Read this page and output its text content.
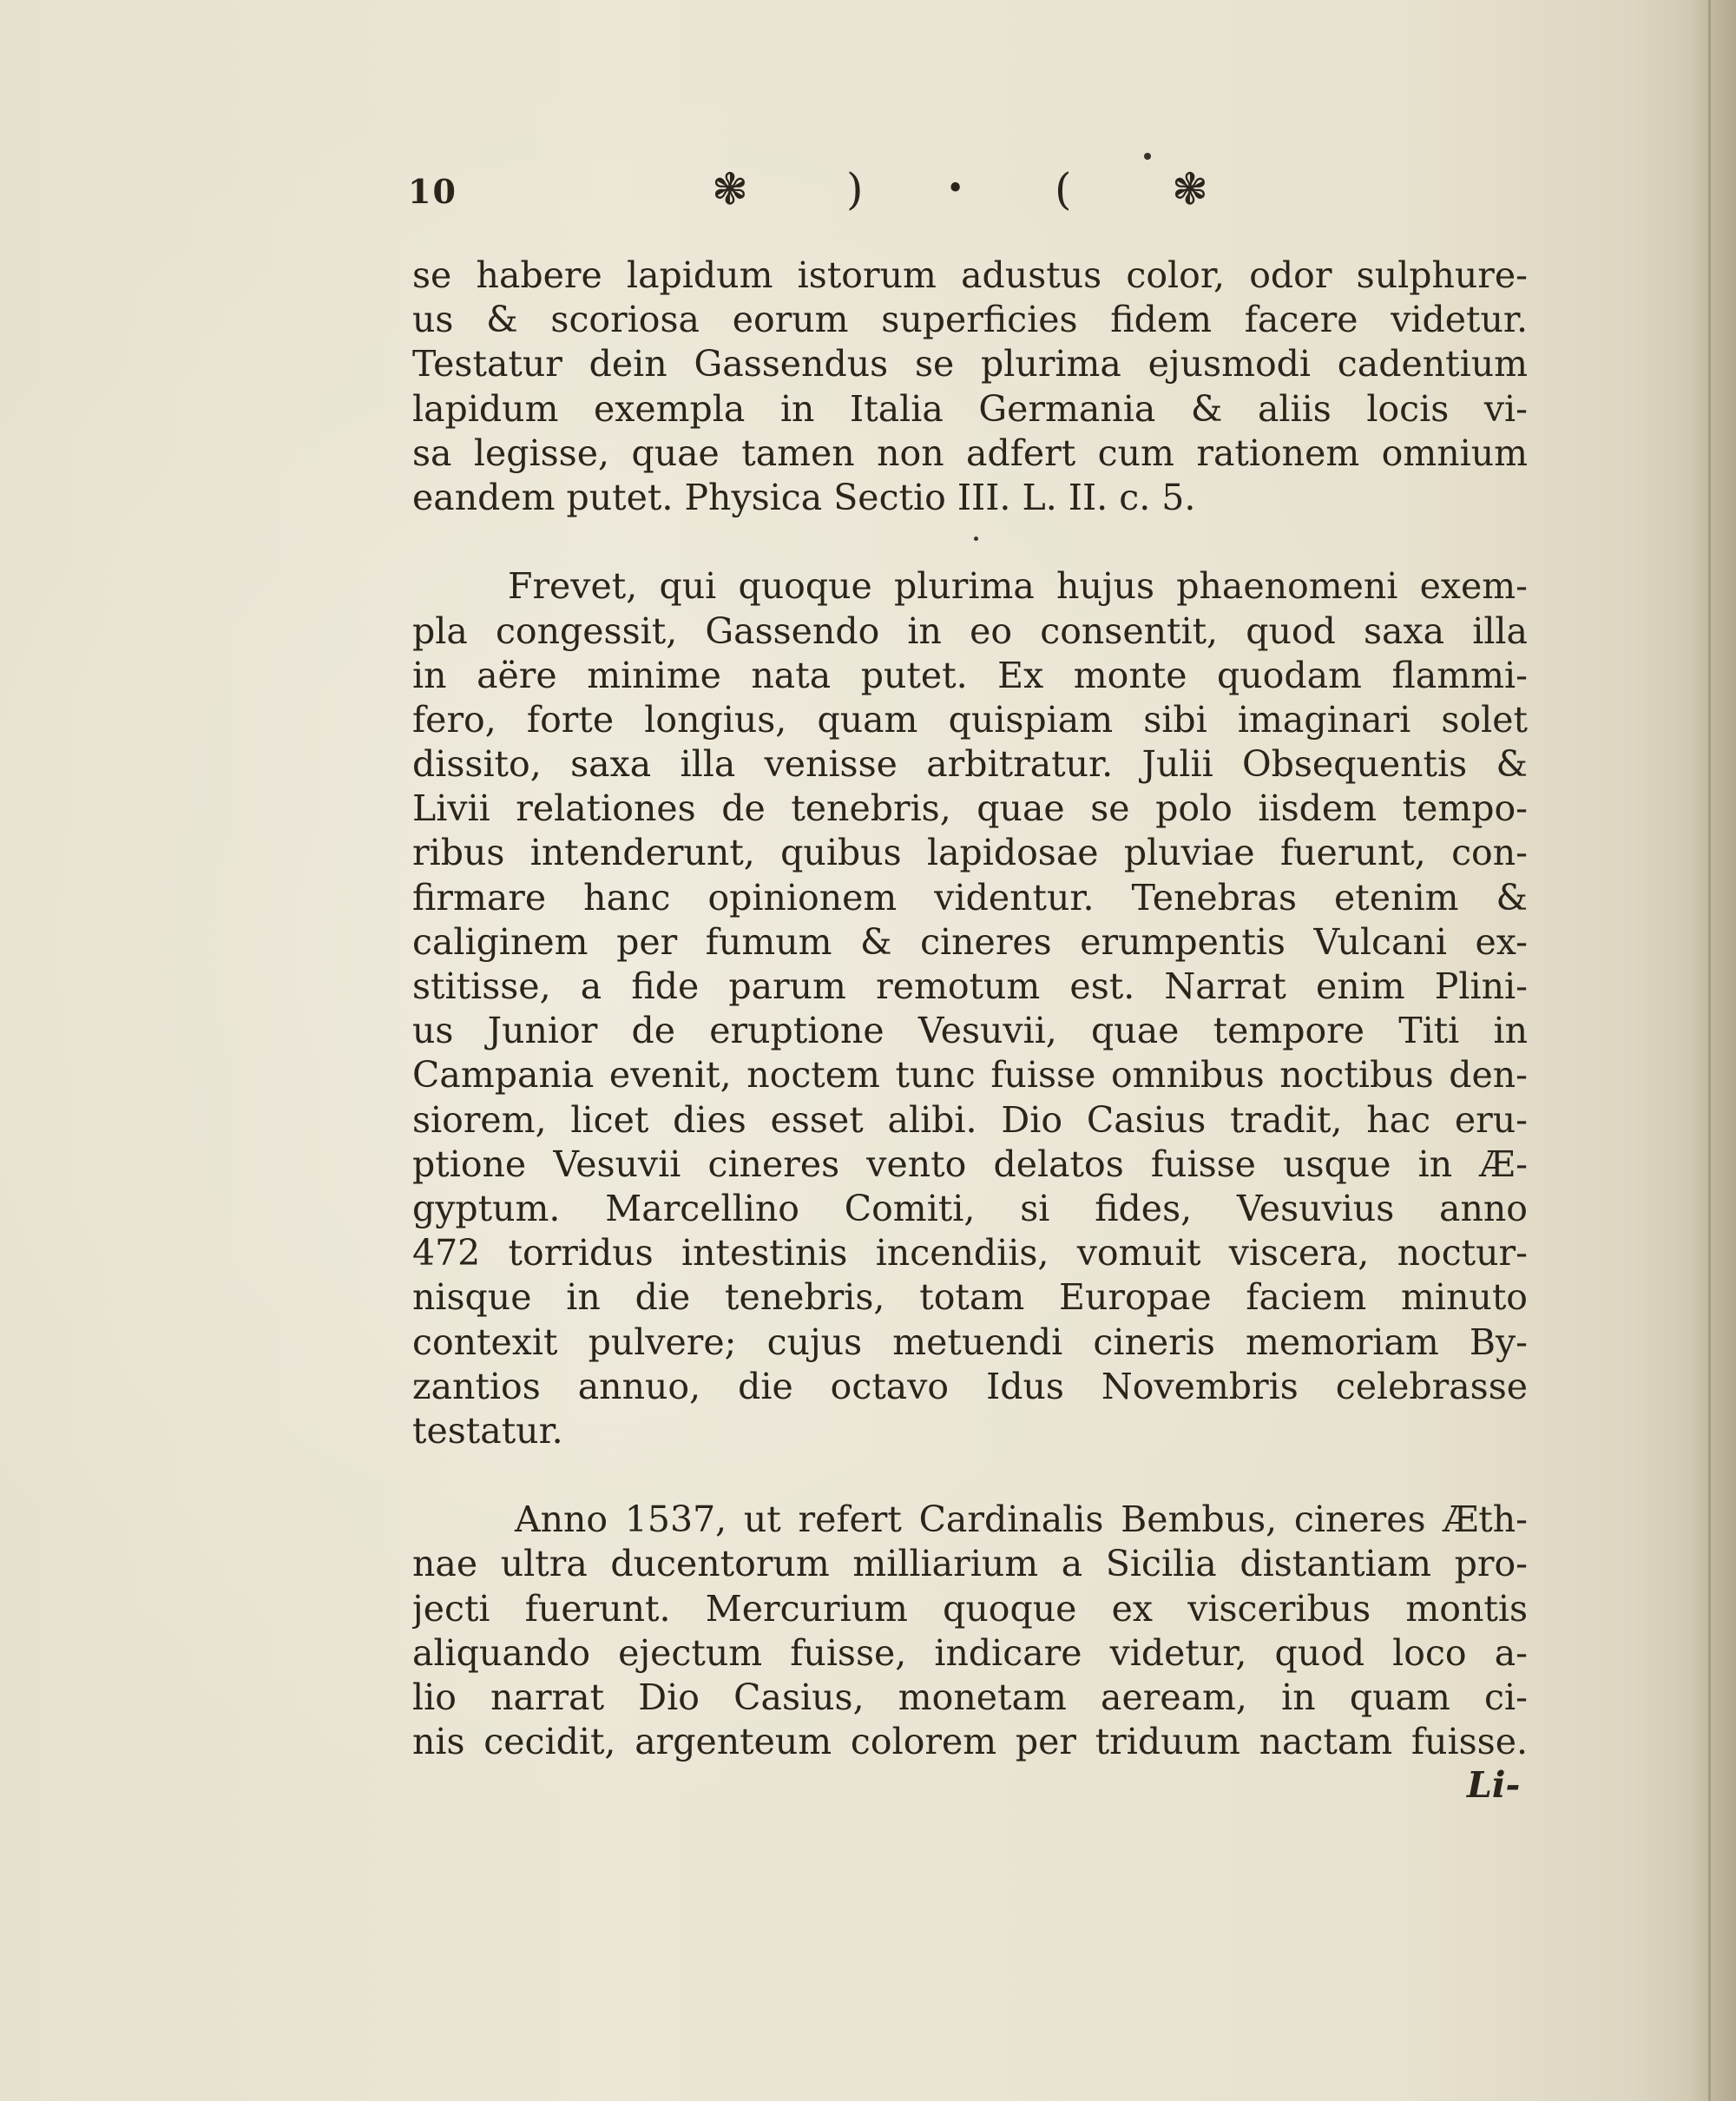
10	❃ )	• ( ❃
se habere lapidum istorum adustus color, odor sulphure-
us & scoriosa eorum superficies fidem facere videtur.
Testatur dein Gassendus se plurima ejusmodi cadentium
lapidum exempla in Italia Germania & aliis locis vi-
sa legisse, quae tamen non adfert cum rationem omnium
eandem putet. Physica Sectio III. L. II. c. 5.
Frevet, qui quoque plurima hujus phaenomeni exem-
pla congessit, Gassendo in eo consentit, quod saxa illa
in aëre minime nata putet. Ex monte quodam flammi-
fero, forte longius, quam quispiam sibi imaginari solet
dissito, saxa illa venisse arbitratur. Julii Obsequentis &
Livii relationes de tenebris, quae se polo iisdem tempo-
ribus intenderunt, quibus lapidosae pluviae fuerunt, con-
firmare hanc opinionem videntur. Tenebras etenim &
caliginem per fumum & cineres erumpentis Vulcani ex-
stitisse, a fide parum remotum est. Narrat enim Plini-
us Junior de eruptione Vesuvii, quae tempore Titi in
Campania evenit, noctem tunc fuisse omnibus noctibus den-
siorem, licet dies esset alibi. Dio Casius tradit, hac eru-
ptione Vesuvii cineres vento delatos fuisse usque in Æ-
gyptum. Marcellino Comiti, si fides, Vesuvius anno
472 torridus intestinis incendiis, vomuit viscera, noctur-
nisque in die tenebris, totam Europae faciem minuto
contexit pulvere; cujus metuendi cineris memoriam By-
zantios annuo, die octavo Idus Novembris celebrasse
testatur.
Anno 1537, ut refert Cardinalis Bembus, cineres Æth-
nae ultra ducentorum milliarium a Sicilia distantiam pro-
jecti fuerunt. Mercurium quoque ex visceribus montis
aliquando ejectum fuisse, indicare videtur, quod loco a-
lio narrat Dio Casius, monetam aeream, in quam ci-
nis cecidit, argenteum colorem per triduum nactam fuisse.
Li-
